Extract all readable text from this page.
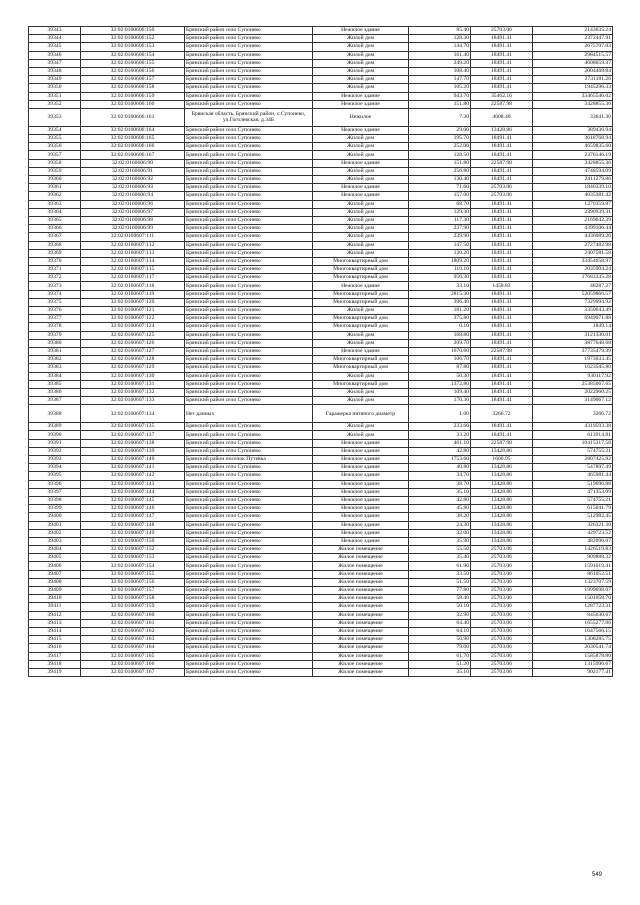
39343	32:02:0160606:150	Брянский район село Супонево	Нежилое здание	85.40	25703.06	2143635.24
39344	32:02:0160606:152	Брянский район село Супонево	Жилой дом	128.30	18491.41	2372447.91
39345	32:02:0160606:153	Брянский район село Супонево	Жилой дом	144.70	18491.41	2675707.03
39346	32:02:0160606:154	Брянский район село Супонево	Жилой дом	161.40	18491.41	2984515.57
39347	32:02:0160606:155	Брянский район село Супонево	Жилой дом	249.20	18491.41	4608059.37
39348	32:02:0160606:156	Брянский район село Супонево	Жилой дом	108.40	18491.41	2004468.84
39349	32:02:0160606:157	Брянский район село Супонево	Жилой дом	147.70	18491.41	2731181.26
39350	32:02:0160606:158	Брянский район село Супонево	Жилой дом	105.20	18491.41	1945296.33
39351	32:02:0160606:159	Брянский район село Супонево	Нежилое здание	943.70	35462.16	33465546.02
39352	32:02:0160606:160	Брянский район село Супонево	Нежилое здание	151.80	22587.98	3428855.36
39353	32:02:0160606:161	Брянская область, Брянский район, с.Супонево, ул.Гоголевская, д.34Б	Нежилое	7.30	4608.40	33641.30
39354	32:02:0160606:164	Брянский район село Супонево	Нежилое здание	29.00	13428.86	389436.94
39355	32:02:0160606:165	Брянский район село Супонево	Жилой дом	195.70	18491.41	3618768.94
39356	32:02:0160606:166	Брянский район село Супонево	Жилой дом	252.00	18491.41	4659835.60
39357	32:02:0160606:167	Брянский район село Супонево	Жилой дом	128.50	18491.41	2376146.19
39358	32:02:0160606:90	Брянский район село Супонево	Нежилое здание	151.80	22587.98	3428855.36
39359	32:02:0160606:91	Брянский район село Супонево	Жилой дом	256.80	18491.41	4748594.09
39360	32:02:0160606:92	Брянский район село Супонево	Жилой дом	130.40	18491.41	2411279.86
39361	32:02:0160606:93	Брянский район село Супонево	Нежилое здание	71.60	25703.06	1840339.10
39362	32:02:0160606:94	Брянский район село Супонево	Нежилое здание	157.00	25703.06	4035381.42
39363	32:02:0160606:96	Брянский район село Супонево	Жилой дом	68.70	18491.41	1270359.87
39364	32:02:0160606:97	Брянский район село Супонево	Жилой дом	129.30	18491.41	2390939.31
39365	32:02:0160606:98	Брянский район село Супонево	Жилой дом	117.30	18491.41	2169042.39
39366	32:02:0160606:99	Брянский район село Супонево	Жилой дом	237.90	18491.41	4399106.44
39367	32:02:0160607:111	Брянский район село Супонево	Жилой дом	239.90	18491.41	4436089.26
39368	32:02:0160607:112	Брянский район село Супонево	Жилой дом	147.50	18491.41	2727482.98
39369	32:02:0160607:113	Брянский район село Супонево	Жилой дом	130.20	18491.41	2407581.58
39370	32:02:0160607:114	Брянский район село Супонево	Многоквартирный дом	1809.20	18491.41	33454658.97
39371	32:02:0160607:115	Брянский район село Супонево	Многоквартирный дом	110.10	18491.41	2035904.24
39372	32:02:0160607:117	Брянский район село Супонево	Многоквартирный дом	956.30	18491.41	17683335.28
39373	32:02:0160607:118	Брянский район село Супонево	Нежилое здание	33.10	1458.83	48287.27
39374	32:02:0160607:119	Брянский район село Супонево	Многоквартирный дом	2815.30	18491.41	52059866.57
39375	32:02:0160607:120	Брянский район село Супонево	Многоквартирный дом	396.40	18491.41	7329994.92
39376	32:02:0160607:121	Брянский район село Супонево	Жилой дом	181.20	18491.41	3350643.49
39377	32:02:0160607:122	Брянский район село Супонево	Многоквартирный дом	375.80	18491.41	6949071.88
39378	32:02:0160607:124	Брянский район село Супонево	Многоквартирный дом	0.10	18491.41	1849.14
39379	32:02:0160607:125	Брянский район село Супонево	Жилой дом	168.80	18491.41	3121330.01
39380	32:02:0160607:126	Брянский район село Супонево	Жилой дом	209.70	18491.41	3877648.68
39381	32:02:0160607:127	Брянский район село Супонево	Нежилое здание	1670.60	22587.98	37735479.39
39382	32:02:0160607:128	Брянский район село Супонево	Многоквартирный дом	106.70	18491.41	1973033.45
39383	32:02:0160607:129	Брянский район село Супонево	Многоквартирный дом	87.80	18491.41	1623545.80
39384	32:02:0160607:130	Брянский район село Супонево	Жилой дом	50.30	18491.41	930117.92
39385	32:02:0160607:131	Брянский район село Супонево	Многоквартирный дом	1372.80	18491.41	25385067.65
39386	32:02:0160607:132	Брянский район село Супонево	Жилой дом	109.40	18491.41	2022960.25
39387	32:02:0160607:133	Брянский район село Супонево	Жилой дом	170.30	18491.41	3149067.12
39388	32:02:0160607:134	Нет данных	Гаражерка нитяного диаметр	1.00	3266.72	3266.72
39389	32:02:0160607:135	Брянский район село Супонево	Жилой дом	233.60	18491.41	4319593.38
39390	32:02:0160607:137	Брянский район село Супонево	Жилой дом	33.20	18491.41	613914.81
39391	32:02:0160607:138	Брянский район село Супонево	Нежилое здание	461.10	22587.98	10415317.58
39392	32:02:0160607:139	Брянский район село Супонево	Нежилое здание	42.80	13428.86	574755.21
39393	32:02:0160607:140	Брянский район поселок Путевка	Нежилое здание	1753.60	1600.95	2807425.92
39394	32:02:0160607:141	Брянский район село Супонево	Нежилое здание	40.80	13428.86	547897.49
39395	32:02:0160607:142	Брянский район село Супонево	Нежилое здание	34.70	13428.86	465981.44
39396	32:02:0160607:143	Брянский район село Супонево	Нежилое здание	38.70	13428.86	519696.88
39397	32:02:0160607:144	Брянский район село Супонево	Нежилое здание	35.10	13428.86	471353.09
39398	32:02:0160607:145	Брянский район село Супонево	Нежилое здание	42.80	13428.86	574755.21
39399	32:02:0160607:146	Брянский район село Супонево	Нежилое здание	45.80	13428.86	615041.79
39400	32:02:0160607:147	Брянский район село Супонево	Нежилое здание	38.20	13428.86	512982.45
39401	32:02:0160607:148	Брянский район село Супонево	Нежилое здание	24.30	13428.86	326321.30
39402	32:02:0160607:149	Брянский район село Супонево	Нежилое здание	32.00	13428.86	429723.52
39403	32:02:0160607:150	Брянский район село Супонево	Нежилое здание	35.90	13428.86	482096.07
39404	32:02:0160607:152	Брянский район село Супонево	Жилое помещение	55.50	25703.06	1426519.83
39405	32:02:0160607:153	Брянский район село Супонево	Жилое помещение	35.40	25703.06	909888.32
39406	32:02:0160607:154	Брянский район село Супонево	Жилое помещение	61.90	25703.06	1591019.41
39407	32:02:0160607:155	Брянский район село Супонево	Жилое помещение	33.50	25703.06	861052.51
39408	32:02:0160607:156	Брянский район село Супонево	Жилое помещение	51.50	25703.06	1323707.59
39409	32:02:0160607:157	Брянский район село Супонево	Жилое помещение	77.80	25703.06	1999698.07
39410	32:02:0160607:158	Брянский район село Супонево	Жилое помещение	58.40	25703.06	1501058.70
39411	32:02:0160607:159	Брянский район село Супонево	Жилое помещение	50.10	25703.06	1287723.31
39412	32:02:0160607:160	Брянский район село Супонево	Жилое помещение	32.90	25703.06	845630.67
39413	32:02:0160607:161	Брянский район село Супонево	Жилое помещение	64.40	25703.06	1655277.06
39414	32:02:0160607:162	Брянский район село Супонево	Жилое помещение	64.10	25703.06	1647566.15
39415	32:02:0160607:163	Брянский район село Супонево	Жилое помещение	50.90	25703.06	1308285.75
39416	32:02:0160607:164	Брянский район село Супонево	Жилое помещение	79.00	25703.06	2030541.74
39417	32:02:0160607:165	Брянский район село Супонево	Жилое помещение	61.70	25703.06	1585878.80
39418	32:02:0160607:166	Брянский район село Супонево	Жилое помещение	51.20	25703.06	1315996.67
39419	32:02:0160607:167	Брянский район село Супонево	Жилое помещение	35.10	25703.06	902177.41
549
